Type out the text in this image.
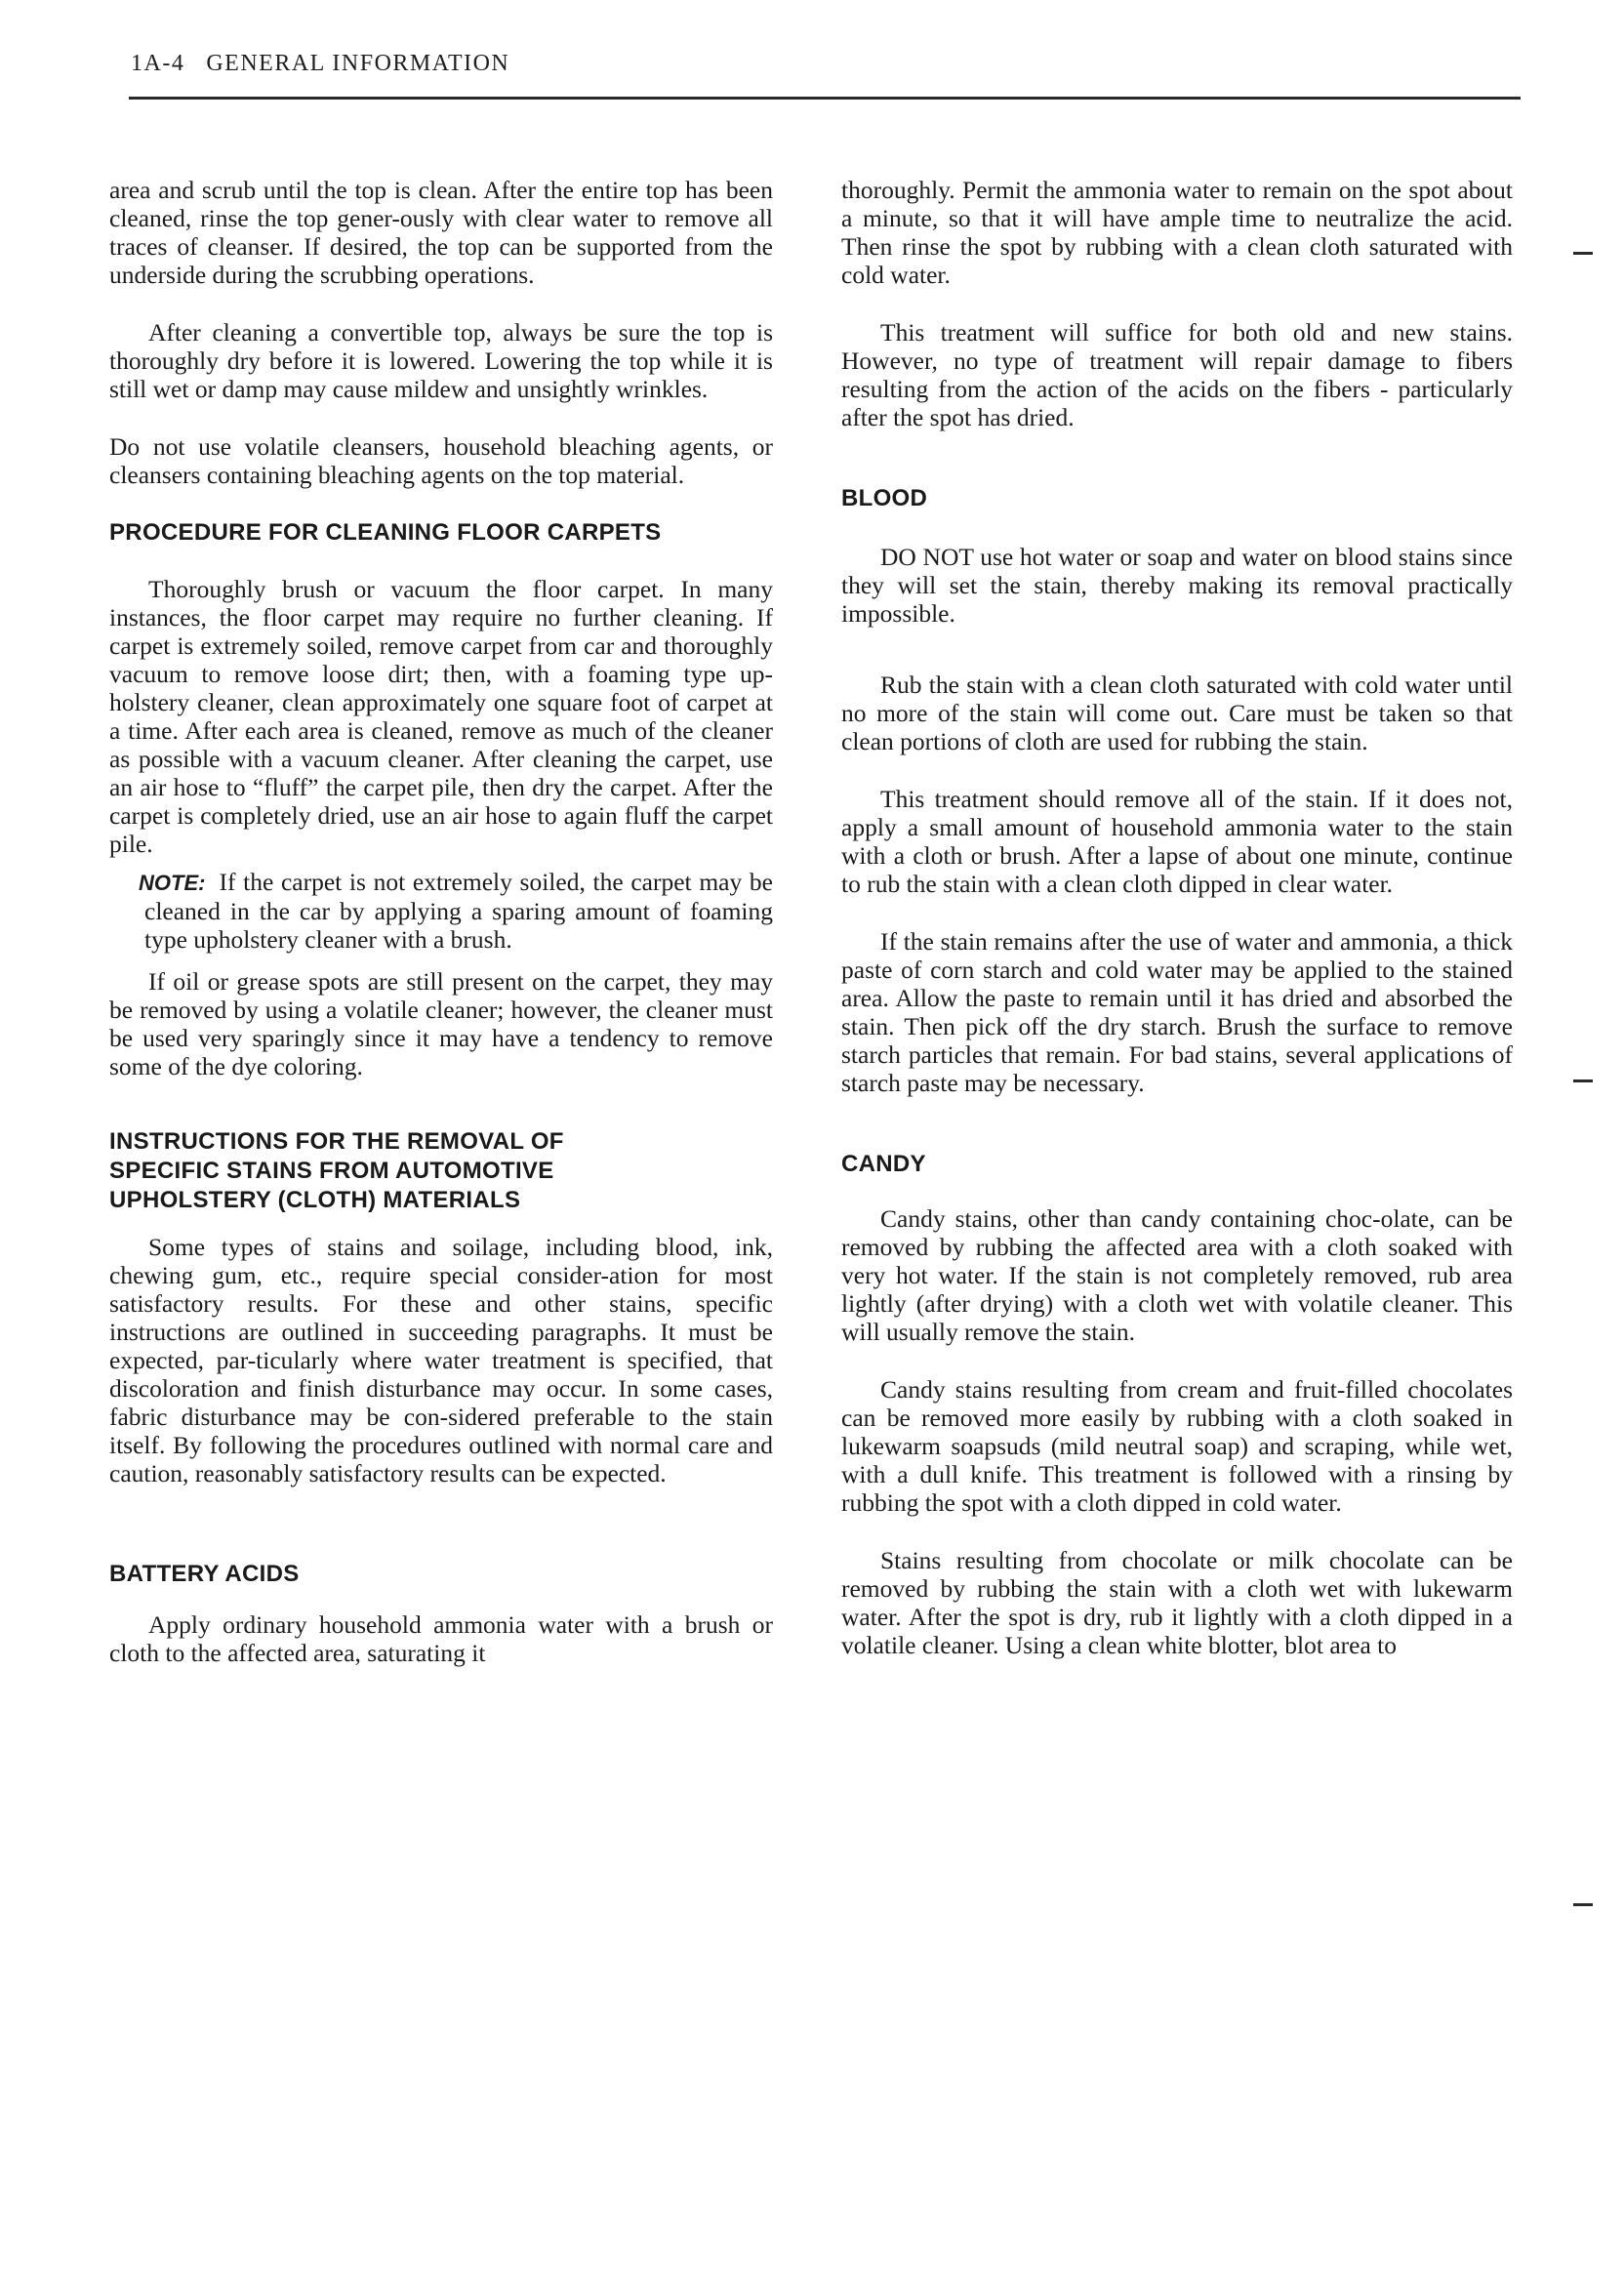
1A-4 GENERAL INFORMATION

area and scrub until the top is clean. After the entire top has been cleaned, rinse the top gener-ously with clear water to remove all traces of cleanser. If desired, the top can be supported from the underside during the scrubbing operations.

After cleaning a convertible top, always be sure the top is thoroughly dry before it is lowered. Lowering the top while it is still wet or damp may cause mildew and unsightly wrinkles.

Do not use volatile cleansers, household bleaching agents, or cleansers containing bleaching agents on the top material.

PROCEDURE FOR CLEANING FLOOR CARPETS

Thoroughly brush or vacuum the floor carpet. In many instances, the floor carpet may require no further cleaning. If carpet is extremely soiled, remove carpet from car and thoroughly vacuum to remove loose dirt; then, with a foaming type up-holstery cleaner, clean approximately one square foot of carpet at a time. After each area is cleaned, remove as much of the cleaner as possible with a vacuum cleaner. After cleaning the carpet, use an air hose to “fluff” the carpet pile, then dry the carpet. After the carpet is completely dried, use an air hose to again fluff the carpet pile.

NOTE: If the carpet is not extremely soiled, the carpet may be cleaned in the car by applying a sparing amount of foaming type upholstery cleaner with a brush.

If oil or grease spots are still present on the carpet, they may be removed by using a volatile cleaner; however, the cleaner must be used very sparingly since it may have a tendency to remove some of the dye coloring.

INSTRUCTIONS FOR THE REMOVAL OF
SPECIFIC STAINS FROM AUTOMOTIVE
UPHOLSTERY (CLOTH) MATERIALS

Some types of stains and soilage, including blood, ink, chewing gum, etc., require special consider-ation for most satisfactory results. For these and other stains, specific instructions are outlined in succeeding paragraphs. It must be expected, par-ticularly where water treatment is specified, that discoloration and finish disturbance may occur. In some cases, fabric disturbance may be con-sidered preferable to the stain itself. By following the procedures outlined with normal care and caution, reasonably satisfactory results can be expected.

BATTERY ACIDS

Apply ordinary household ammonia water with a brush or cloth to the affected area, saturating it

thoroughly. Permit the ammonia water to remain on the spot about a minute, so that it will have ample time to neutralize the acid. Then rinse the spot by rubbing with a clean cloth saturated with cold water.

This treatment will suffice for both old and new stains. However, no type of treatment will repair damage to fibers resulting from the action of the acids on the fibers - particularly after the spot has dried.

BLOOD

DO NOT use hot water or soap and water on blood stains since they will set the stain, thereby making its removal practically impossible.

Rub the stain with a clean cloth saturated with cold water until no more of the stain will come out. Care must be taken so that clean portions of cloth are used for rubbing the stain.

This treatment should remove all of the stain. If it does not, apply a small amount of household ammonia water to the stain with a cloth or brush. After a lapse of about one minute, continue to rub the stain with a clean cloth dipped in clear water.

If the stain remains after the use of water and ammonia, a thick paste of corn starch and cold water may be applied to the stained area. Allow the paste to remain until it has dried and absorbed the stain. Then pick off the dry starch. Brush the surface to remove starch particles that remain. For bad stains, several applications of starch paste may be necessary.

CANDY

Candy stains, other than candy containing choc-olate, can be removed by rubbing the affected area with a cloth soaked with very hot water. If the stain is not completely removed, rub area lightly (after drying) with a cloth wet with volatile cleaner. This will usually remove the stain.

Candy stains resulting from cream and fruit-filled chocolates can be removed more easily by rubbing with a cloth soaked in lukewarm soapsuds (mild neutral soap) and scraping, while wet, with a dull knife. This treatment is followed with a rinsing by rubbing the spot with a cloth dipped in cold water.

Stains resulting from chocolate or milk chocolate can be removed by rubbing the stain with a cloth wet with lukewarm water. After the spot is dry, rub it lightly with a cloth dipped in a volatile cleaner. Using a clean white blotter, blot area to
